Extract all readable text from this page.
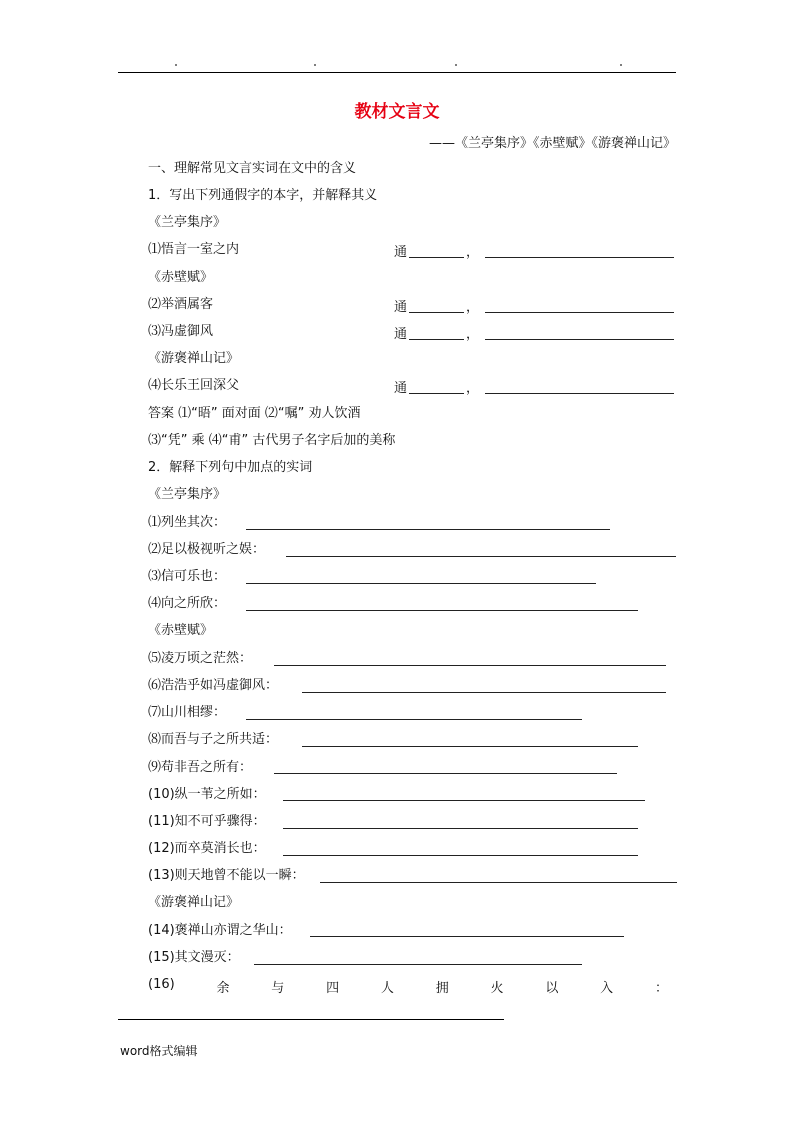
教材文言文
——《兰亭集序》《赤壁赋》《游褒禅山记》
一、理解常见文言实词在文中的含义
1．写出下列通假字的本字，并解释其义
《兰亭集序》
⑴悟言一室之内	通	，
《赤壁赋》
⑵举酒属客	通	，
⑶冯虚御风	通	，
《游褒禅山记》
⑷长乐王回深父	通	，
答案 ⑴“晤” 面对面 ⑵“嘱” 劝人饮酒
⑶“凭” 乘 ⑷“甫” 古代男子名字后加的美称
2．解释下列句中加点的实词
《兰亭集序》
⑴列坐其次：
⑵足以极视听之娱：
⑶信可乐也：
⑷向之所欣：
《赤壁赋》
⑸凌万顷之茫然：
⑹浩浩乎如冯虚御风：
⑺山川相缪：
⑻而吾与子之所共适：
⑼苟非吾之所有：
(10)纵一苇之所如：
(11)知不可乎骤得：
(12)而卒莫消长也：
(13)则天地曾不能以一瞬：
《游褒禅山记》
(14)褒禅山亦谓之华山：
(15)其文漫灭：
(16)	余	与	四	人	拥	火	以	入	：
word格式编辑
